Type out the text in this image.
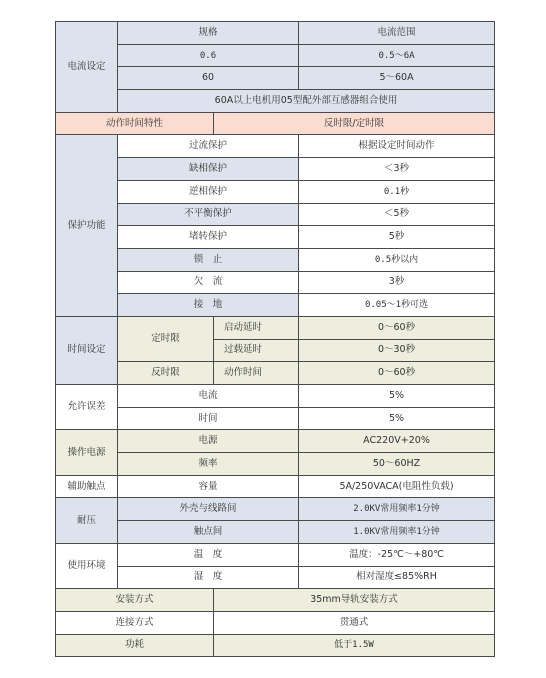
电流设定	规格		电流范围
	0.6		0.5～6A
	60		5～60A
	60A以上电机用05型配外部互感器组合使用		
动作时间特性		反时限/定时限	
保护功能	过流保护		根据设定时间动作
	缺相保护		＜3秒
	逆相保护		0.1秒
	不平衡保护		＜5秒
	堵转保护		5秒
	锁　止		0.5秒以内
	欠　流		3秒
	接　地		0.05～1秒可选
时间设定	定时限	启动延时	0～60秒
		过载延时	0～30秒
	反时限	动作时间	0～60秒
允许误差	电流		5%
	时间		5%
操作电源	电源		AC220V+20%
	频率		50～60HZ
辅助触点	容量		5A/250VACA(电阻性负载)
耐压	外壳与线路间		2.0KV常用频率1分钟
	触点间		1.0KV常用频率1分钟
使用环境	温　度		温度：-25℃～+80℃
	湿　度		相对湿度≤85%RH
安装方式		35mm导轨安装方式	
连接方式		贯通式	
功耗		低于1.5W	
